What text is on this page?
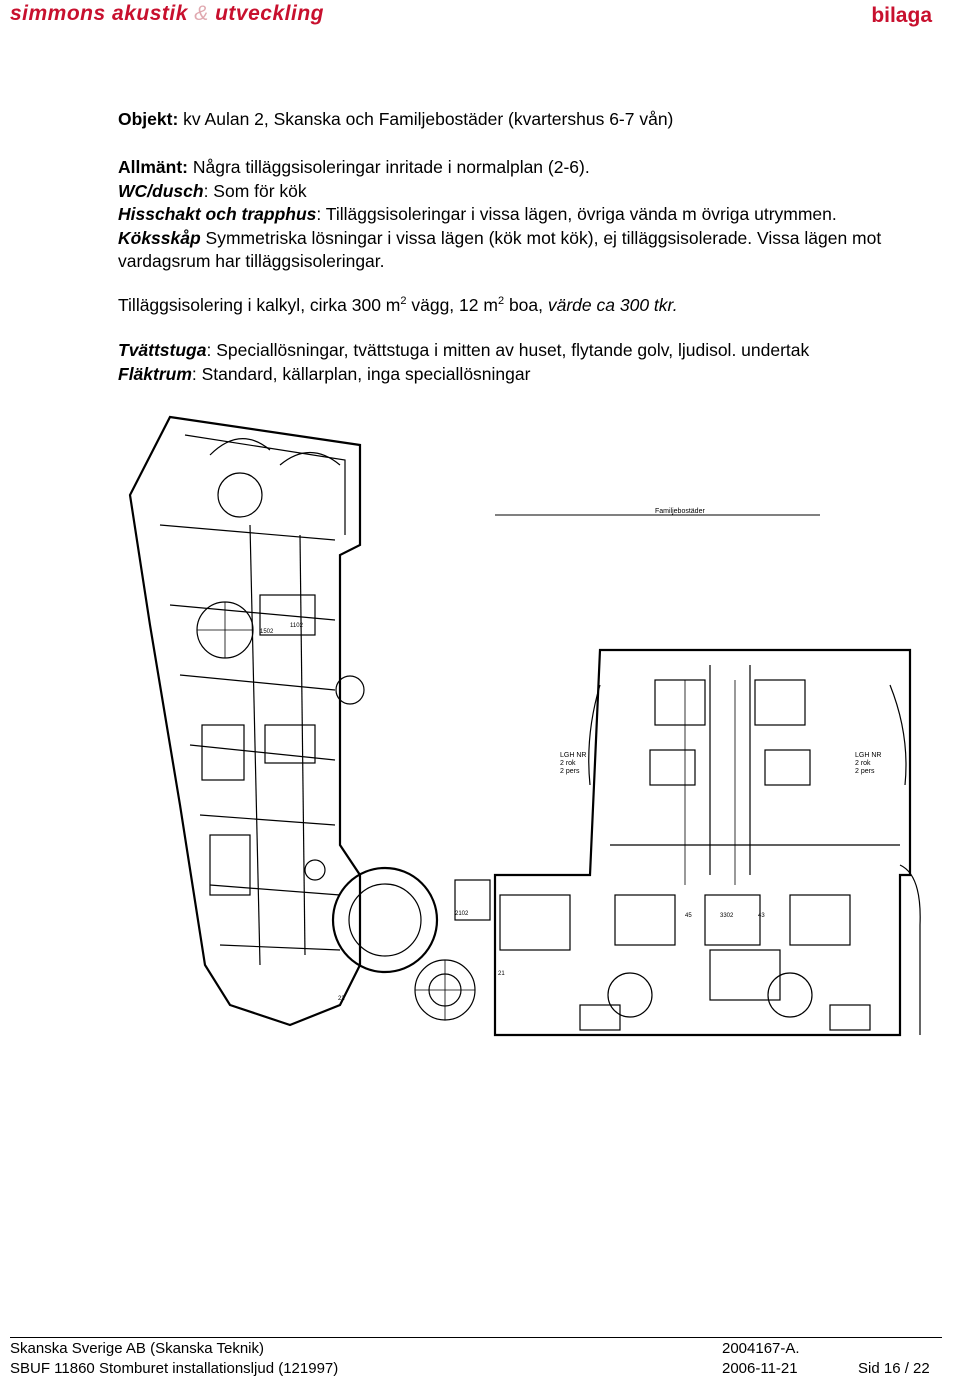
simmons akustik & utveckling	bilaga
Objekt: kv Aulan 2, Skanska och Familjebostäder (kvartershus 6-7 vån)
Allmänt: Några tilläggsisoleringar inritade i normalplan (2-6).
WC/dusch: Som för kök
Hisschakt och trapphus: Tilläggsisoleringar i vissa lägen, övriga vända m övriga utrymmen.
Köksskåp Symmetriska lösningar i vissa lägen (kök mot kök), ej tilläggsisolerade. Vissa lägen mot vardagsrum har tilläggsisoleringar.
Tilläggsisolering i kalkyl, cirka 300 $m^2$ vägg, 12 $m^2$ boa, värde ca 300 tkr.
Tvättstuga: Speciallösningar, tvättstuga i mitten av huset, flytande golv, ljudisol. undertak
Fläktrum: Standard, källarplan, inga speciallösningar
Familjebostäder
LGH NR
2 rok
2 pers
LGH NR
2 rok
2 pers
1502
1102
2102	3302
45	43
21
22
Skanska Sverige AB (Skanska Teknik)	2004167-A.
SBUF 11860 Stomburet installationsljud (121997)	2006-11-21	Sid 16 / 22
